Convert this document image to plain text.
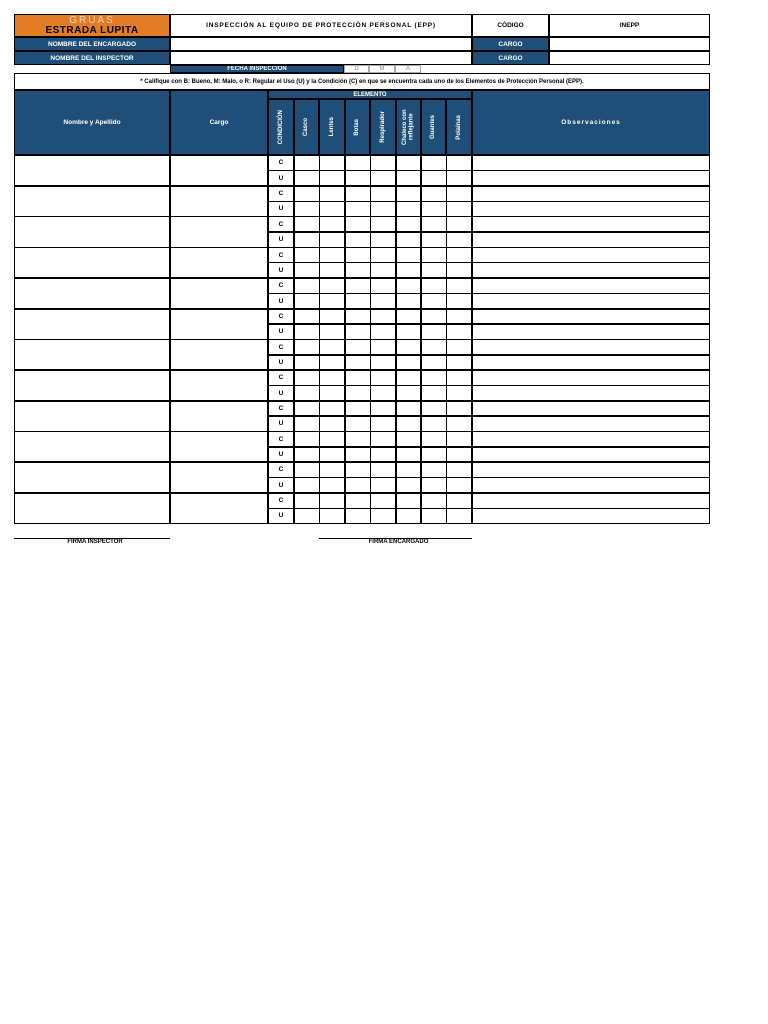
GRÚAS
ESTRADA LUPITA	INSPECCIÓN AL EQUIPO DE PROTECCIÓN PERSONAL (EPP)	CÓDIGO	INEPP
NOMBRE DEL ENCARGADO	CARGO
NOMBRE DEL INSPECTOR	CARGO
FECHA INSPECCIÓN	D	M	A
* Califique con B: Bueno, M: Malo, o R: Regular el Uso (U) y la Condición (C) en que se encuentra cada uno de los Elementos de Protección Personal (EPP).
Nombre y Apellido	Cargo
ELEMENTO
CONDICIÓN	Casco	Lentes	Botas	Respirador	Chaleco con reflejante	Guantes	Polainas	Observaciones
C
U
C
U
C
U
C
U
C
U
C
U
C
U
C
U
C
U
C
U
C
U
C
U
FIRMA INSPECTOR	FIRMA ENCARGADO
